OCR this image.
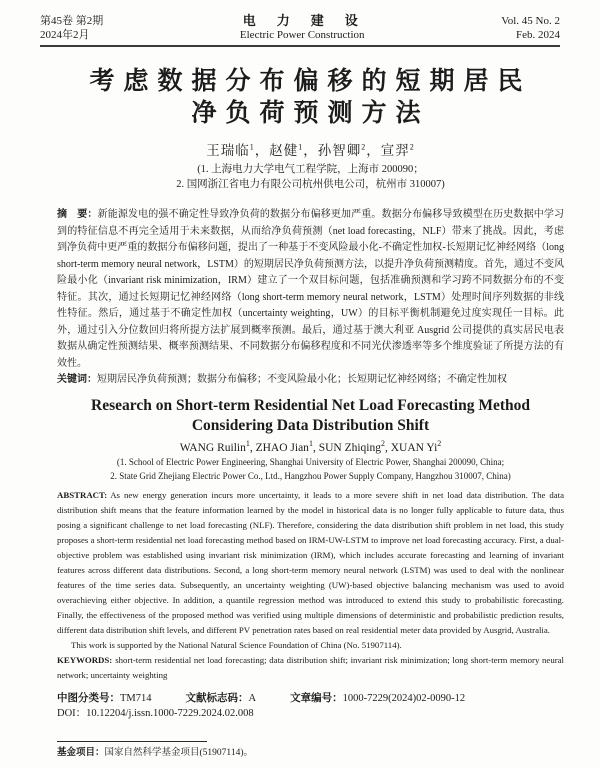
第45卷 第2期
2024年2月
电　力　建　设
Electric Power Construction
Vol. 45 No. 2
Feb. 2024
考虑数据分布偏移的短期居民
净负荷预测方法
王瑞临$^1$，赵健$^1$，孙智卿$^2$，宣羿$^2$
(1. 上海电力大学电气工程学院，上海市 200090；
2. 国网浙江省电力有限公司杭州供电公司，杭州市 310007)

摘　要：新能源发电的强不确定性导致净负荷的数据分布偏移更加严重。数据分布偏移导致模型在历史数据中学习到的特征信息不再完全适用于未来数据，从而给净负荷预测（net load forecasting，NLF）带来了挑战。因此，考虑到净负荷中更严重的数据分布偏移问题，提出了一种基于不变风险最小化-不确定性加权-长短期记忆神经网络（long short-term memory neural network，LSTM）的短期居民净负荷预测方法，以提升净负荷预测精度。首先，通过不变风险最小化（invariant risk minimization，IRM）建立了一个双目标问题，包括准确预测和学习跨不同数据分布的不变特征。其次，通过长短期记忆神经网络（long short-term memory neural network，LSTM）处理时间序列数据的非线性特征。然后，通过基于不确定性加权（uncertainty weighting，UW）的目标平衡机制避免过度实现任一目标。此外，通过引入分位数回归将所提方法扩展到概率预测。最后，通过基于澳大利亚 Ausgrid 公司提供的真实居民电表数据从确定性预测结果、概率预测结果、不同数据分布偏移程度和不同光伏渗透率等多个维度验证了所提方法的有效性。

关键词：短期居民净负荷预测；数据分布偏移；不变风险最小化；长短期记忆神经网络；不确定性加权

Research on Short-term Residential Net Load Forecasting Method
Considering Data Distribution Shift
WANG Ruilin$^1$, ZHAO Jian$^1$, SUN Zhiqing$^2$, XUAN Yi$^2$
(1. School of Electric Power Engineering, Shanghai University of Electric Power, Shanghai 200090, China;
2. State Grid Zhejiang Electric Power Co., Ltd., Hangzhou Power Supply Company, Hangzhou 310007, China)

ABSTRACT: As new energy generation incurs more uncertainty, it leads to a more severe shift in net load data distribution. The data distribution shift means that the feature information learned by the model in historical data is no longer fully applicable to future data, thus posing a significant challenge to net load forecasting (NLF). Therefore, considering the data distribution shift problem in net load, this study proposes a short-term residential net load forecasting method based on IRM-UW-LSTM to improve net load forecasting accuracy. First, a dual-objective problem was established using invariant risk minimization (IRM), which includes accurate forecasting and learning of invariant features across different data distributions. Second, a long short-term memory neural network (LSTM) was used to deal with the nonlinear features of the time series data. Subsequently, an uncertainty weighting (UW)-based objective balancing mechanism was used to avoid overachieving either objective. In addition, a quantile regression method was introduced to extend this study to probabilistic forecasting. Finally, the effectiveness of the proposed method was verified using multiple dimensions of deterministic and probabilistic prediction results, different data distribution shift levels, and different PV penetration rates based on real residential meter data provided by Ausgrid, Australia.

This work is supported by the National Natural Science Foundation of China (No. 51907114).

KEYWORDS: short-term residential net load forecasting; data distribution shift; invariant risk minimization; long short-term memory neural network; uncertainty weighting

中图分类号：TM714	文献标志码：A	文章编号：1000-7229(2024)02-0090-12
DOI：10.12204/j.issn.1000-7229.2024.02.008
基金项目：国家自然科学基金项目(51907114)。
